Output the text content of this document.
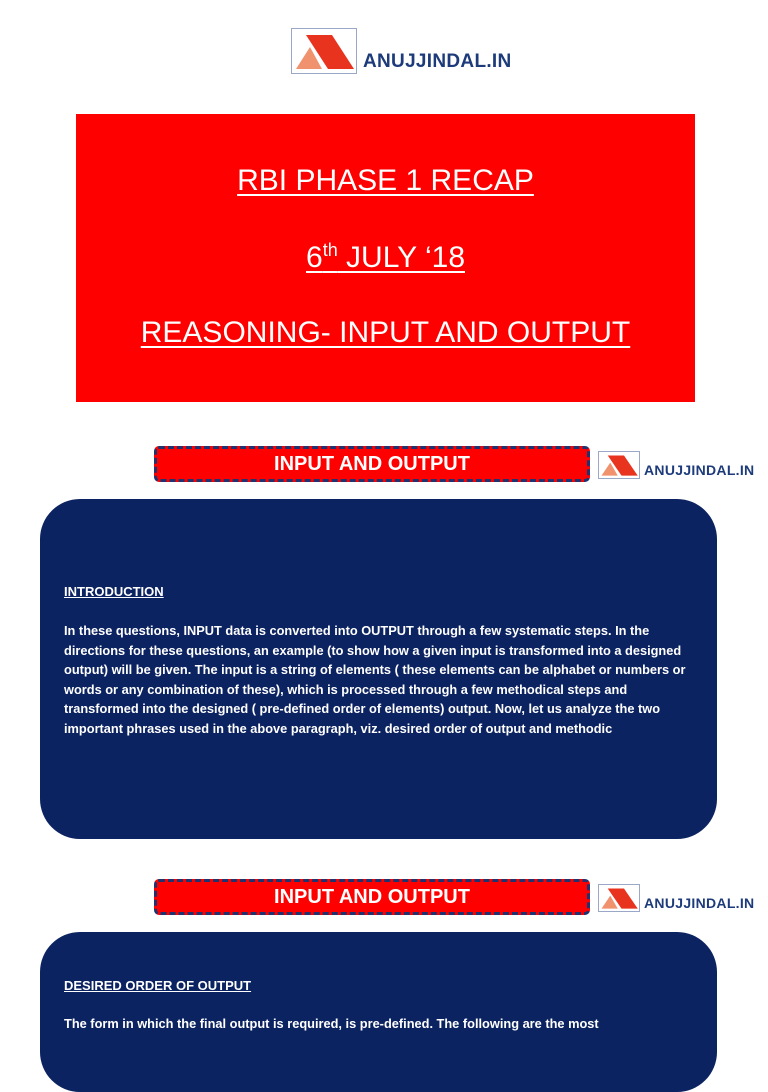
ANUJJINDAL.IN
RBI PHASE 1 RECAP
6th JULY ‘18
REASONING- INPUT AND OUTPUT
INPUT AND OUTPUT	ANUJJINDAL.IN
INTRODUCTION
In these questions, INPUT data is converted into OUTPUT through a few systematic steps. In the directions for these questions, an example (to show how a given input is transformed into a designed output) will be given. The input is a string of elements ( these elements can be alphabet or numbers or words or any combination of these), which is processed through a few methodical steps and transformed into the designed ( pre-defined order of elements) output. Now, let us analyze the two important phrases used in the above paragraph, viz. desired order of output and methodic
INPUT AND OUTPUT	ANUJJINDAL.IN
DESIRED ORDER OF OUTPUT
The form in which the final output is required, is pre-defined. The following are the most
